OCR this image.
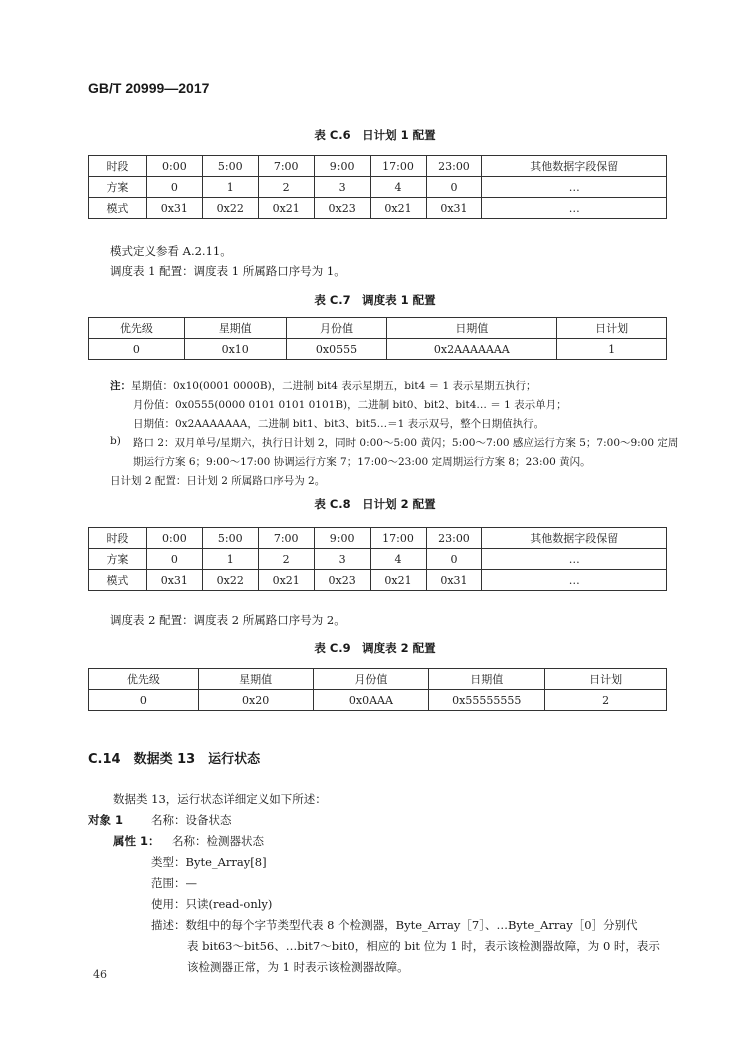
GB/T 20999—2017
表 C.6　日计划 1 配置
时段	0:00	5:00	7:00	9:00	17:00	23:00	其他数据字段保留
方案	0	1	2	3	4	0	…
模式	0x31	0x22	0x21	0x23	0x21	0x31	…
模式定义参看 A.2.11。
调度表 1 配置：调度表 1 所属路口序号为 1。
表 C.7　调度表 1 配置
优先级	星期值	月份值	日期值	日计划
0	0x10	0x0555	0x2AAAAAAA	1
注：星期值：0x10(0001 0000B)，二进制 bit4 表示星期五，bit4 ＝ 1 表示星期五执行；
月份值：0x0555(0000 0101 0101 0101B)，二进制 bit0、bit2、bit4… ＝ 1 表示单月；
日期值：0x2AAAAAAA，二进制 bit1、bit3、bit5…＝1 表示双号，整个日期值执行。
b) 路口 2：双月单号/星期六，执行日计划 2，同时 0:00～5:00 黄闪；5:00～7:00 感应运行方案 5；7:00～9:00 定周
期运行方案 6；9:00～17:00 协调运行方案 7；17:00～23:00 定周期运行方案 8；23:00 黄闪。
日计划 2 配置：日计划 2 所属路口序号为 2。
表 C.8　日计划 2 配置
时段	0:00	5:00	7:00	9:00	17:00	23:00	其他数据字段保留
方案	0	1	2	3	4	0	…
模式	0x31	0x22	0x21	0x23	0x21	0x31	…
调度表 2 配置：调度表 2 所属路口序号为 2。
表 C.9　调度表 2 配置
优先级	星期值	月份值	日期值	日计划
0	0x20	0x0AAA	0x55555555	2
C.14　数据类 13　运行状态
数据类 13，运行状态详细定义如下所述：
对象 1 名称：设备状态
属性 1： 名称：检测器状态
类型：Byte_Array[8]
范围：—
使用：只读(read-only)
描述：数组中的每个字节类型代表 8 个检测器，Byte_Array［7］、…Byte_Array［0］分别代
表 bit63～bit56、…bit7～bit0，相应的 bit 位为 1 时，表示该检测器故障，为 0 时，表示
该检测器正常，为 1 时表示该检测器故障。
46
